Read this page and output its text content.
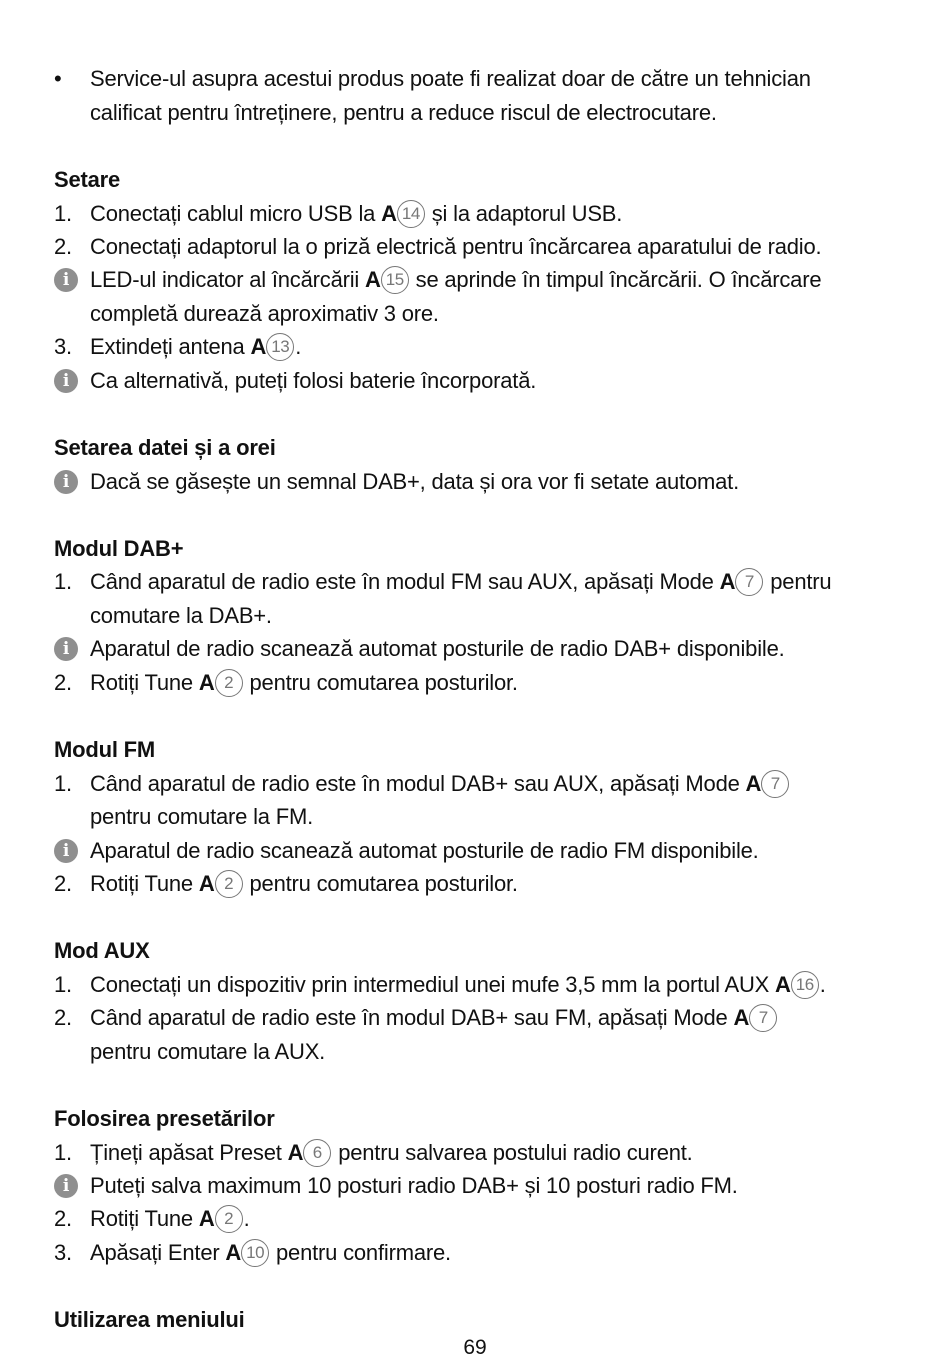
•	Service-ul asupra acestui produs poate fi realizat doar de către un tehnician
calificat pentru întreținere, pentru a reduce riscul de electrocutare.
Setare
1. Conectați cablul micro USB la A 14 și la adaptorul USB.
2. Conectați adaptorul la o priză electrică pentru încărcarea aparatului de radio.
i LED-ul indicator al încărcării A 15 se aprinde în timpul încărcării. O încărcare
completă durează aproximativ 3 ore.
3. Extindeți antena A 13 .
i Ca alternativă, puteți folosi baterie încorporată.
Setarea datei și a orei
i Dacă se găsește un semnal DAB+, data și ora vor fi setate automat.
Modul DAB+
1. Când aparatul de radio este în modul FM sau AUX, apăsați Mode A 7 pentru
comutare la DAB+.
i Aparatul de radio scanează automat posturile de radio DAB+ disponibile.
2. Rotiți Tune A 2 pentru comutarea posturilor.
Modul FM
1. Când aparatul de radio este în modul DAB+ sau AUX, apăsați Mode A 7
pentru comutare la FM.
i Aparatul de radio scanează automat posturile de radio FM disponibile.
2. Rotiți Tune A 2 pentru comutarea posturilor.
Mod AUX
1. Conectați un dispozitiv prin intermediul unei mufe 3,5 mm la portul AUX A 16 .
2. Când aparatul de radio este în modul DAB+ sau FM, apăsați Mode A 7
pentru comutare la AUX.
Folosirea presetărilor
1. Țineți apăsat Preset A 6 pentru salvarea postului radio curent.
i Puteți salva maximum 10 posturi radio DAB+ și 10 posturi radio FM.
2. Rotiți Tune A 2 .
3. Apăsați Enter A 10 pentru confirmare.
Utilizarea meniului
69
